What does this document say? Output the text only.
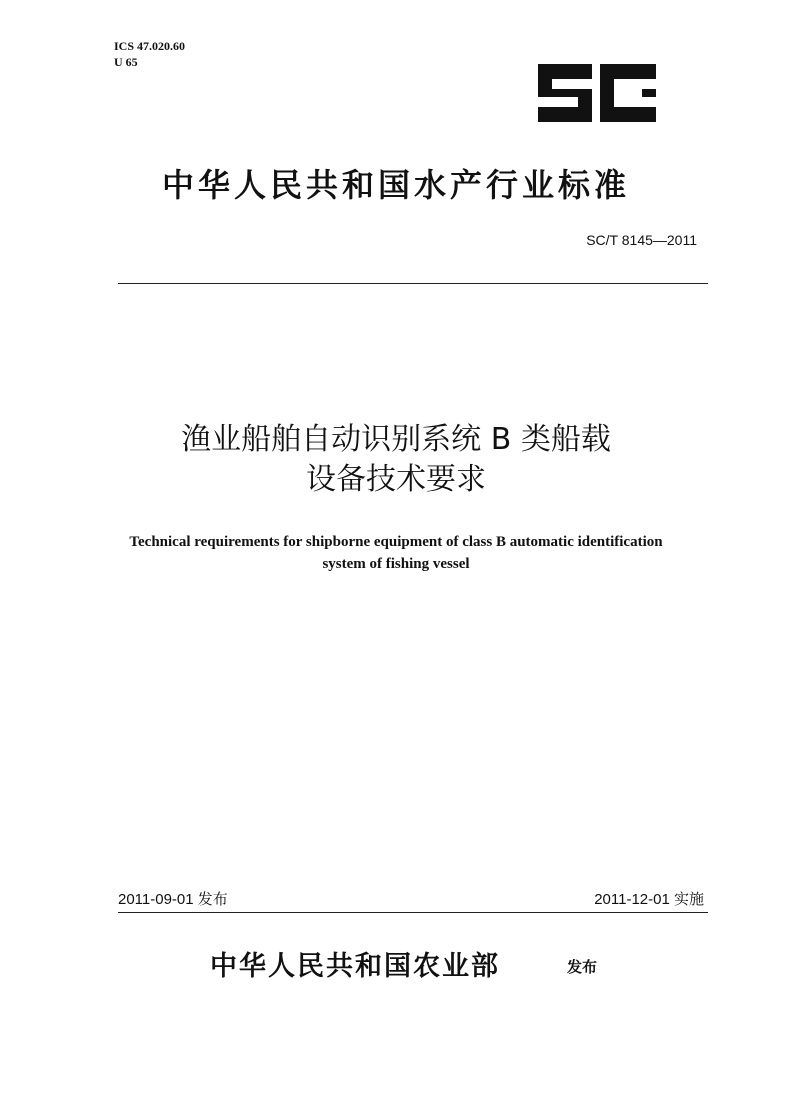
ICS 47.020.60
U 65
中华人民共和国水产行业标准
SC/T 8145—2011
渔业船舶自动识别系统 B 类船载
设备技术要求
Technical requirements for shipborne equipment of class B automatic identification
system of fishing vessel
2011-09-01 发布	2011-12-01 实施
中华人民共和国农业部	发布
